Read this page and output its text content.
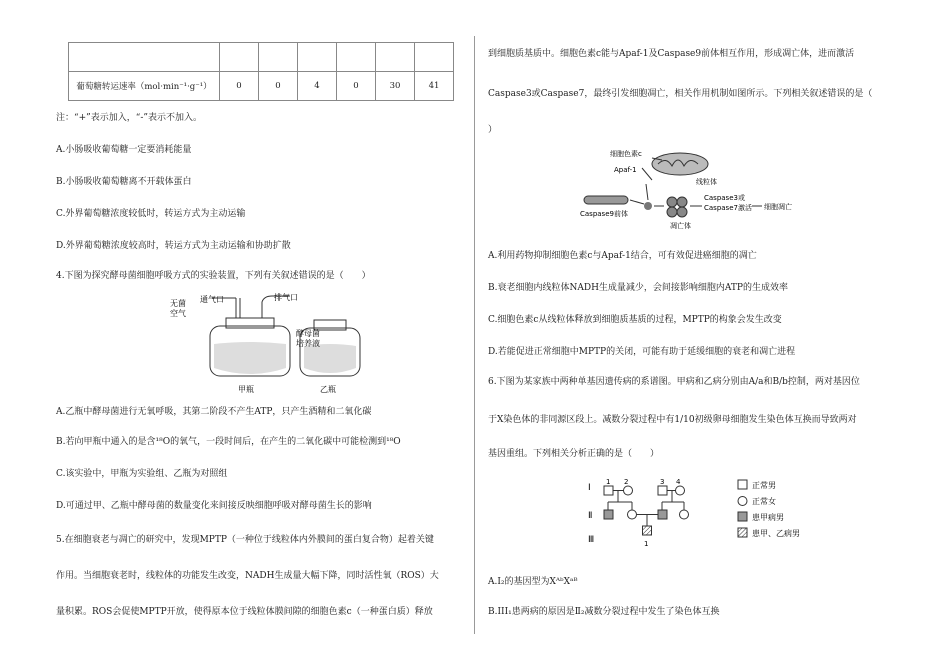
葡萄糖转运速率（mol·min⁻¹·g⁻¹）	0	0	4	0	30	41
注：“+”表示加入，“-”表示不加入。
A.小肠吸收葡萄糖一定要消耗能量
B.小肠吸收葡萄糖离不开载体蛋白
C.外界葡萄糖浓度较低时，转运方式为主动运输
D.外界葡萄糖浓度较高时，转运方式为主动运输和协助扩散
4.下图为探究酵母菌细胞呼吸方式的实验装置，下列有关叙述错误的是（　　）
无菌
空气
通气口	排气口
酵母菌
培养液
甲瓶	乙瓶
A.乙瓶中酵母菌进行无氧呼吸，其第二阶段不产生ATP，只产生酒精和二氧化碳
B.若向甲瓶中通入的是含¹⁸O的氧气，一段时间后，在产生的二氧化碳中可能检测到¹⁸O
C.该实验中，甲瓶为实验组、乙瓶为对照组
D.可通过甲、乙瓶中酵母菌的数量变化来间接反映细胞呼吸对酵母菌生长的影响
5.在细胞衰老与凋亡的研究中，发现MPTP（一种位于线粒体内外膜间的蛋白复合物）起着关键
作用。当细胞衰老时，线粒体的功能发生改变，NADH生成量大幅下降，同时活性氧（ROS）大
量积累。ROS会促使MPTP开放，使得原本位于线粒体膜间隙的细胞色素c（一种蛋白质）释放
到细胞质基质中。细胞色素c能与Apaf-1及Caspase9前体相互作用，形成凋亡体，进而激活
Caspase3或Caspase7，最终引发细胞凋亡，相关作用机制如图所示。下列相关叙述错误的是（
）
细胞色素c
Apaf-1
线粒体
Caspase9前体
凋亡体
Caspase3或
Caspase7激活 细胞凋亡
A.利用药物抑制细胞色素c与Apaf-1结合，可有效促进癌细胞的凋亡
B.衰老细胞内线粒体NADH生成量减少，会间接影响细胞内ATP的生成效率
C.细胞色素c从线粒体释放到细胞质基质的过程，MPTP的构象会发生改变
D.若能促进正常细胞中MPTP的关闭，可能有助于延缓细胞的衰老和凋亡进程
6.下图为某家族中两种单基因遗传病的系谱图。甲病和乙病分别由A/a和B/b控制，两对基因位
于X染色体的非同源区段上。减数分裂过程中有1/10初级卵母细胞发生染色体互换而导致两对
基因重组。下列相关分析正确的是（　　）
Ⅰ
Ⅱ
Ⅲ
1 2	3 4
1
正常男
正常女
患甲病男
患甲、乙病男
A.I₂的基因型为XᴬᵇXᵃᴮ
B.III₁患两病的原因是Ⅱ₂减数分裂过程中发生了染色体互换
